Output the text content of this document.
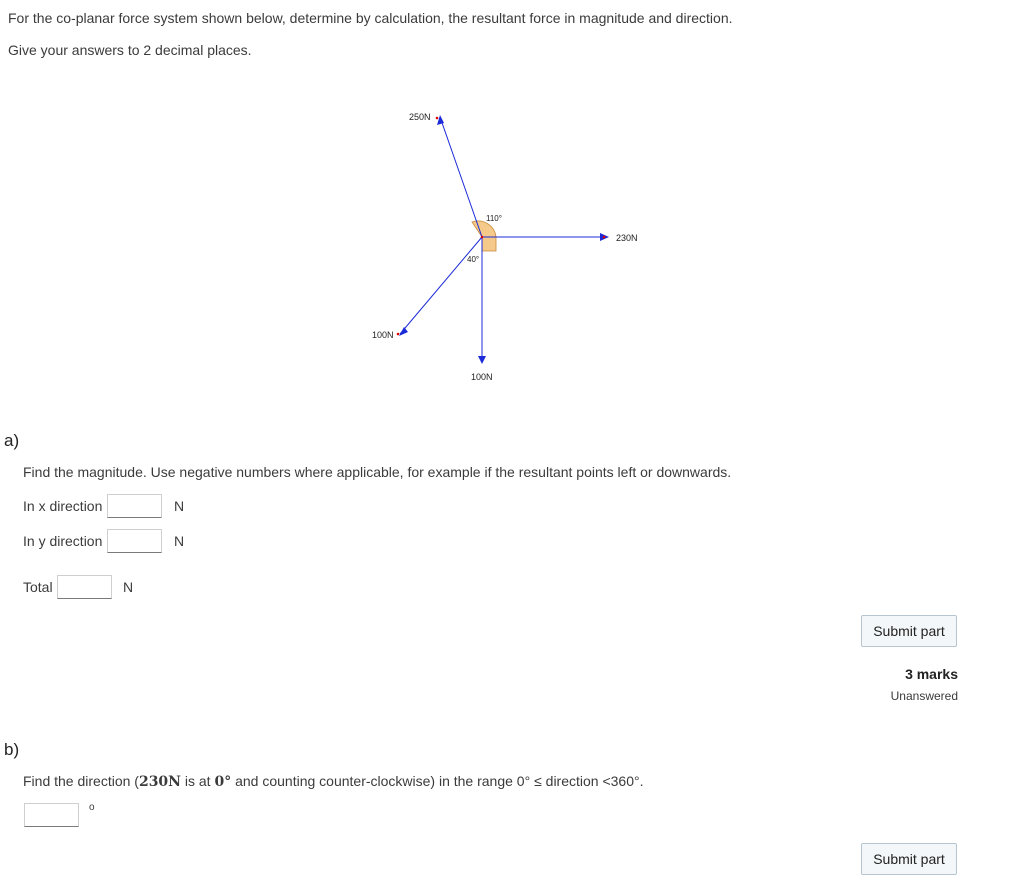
For the co-planar force system shown below, determine by calculation, the resultant force in magnitude and direction.
Give your answers to 2 decimal places.
250N
230N
100N
100N
110°
40°
a)
Find the magnitude. Use negative numbers where applicable, for example if the resultant points left or downwards.
In x direction	N
In y direction	N
Total	N
Submit part
3 marks
Unanswered
b)
Find the direction (230N is at 0° and counting counter-clockwise) in the range 0° ≤ direction <360°.
o
Submit part
